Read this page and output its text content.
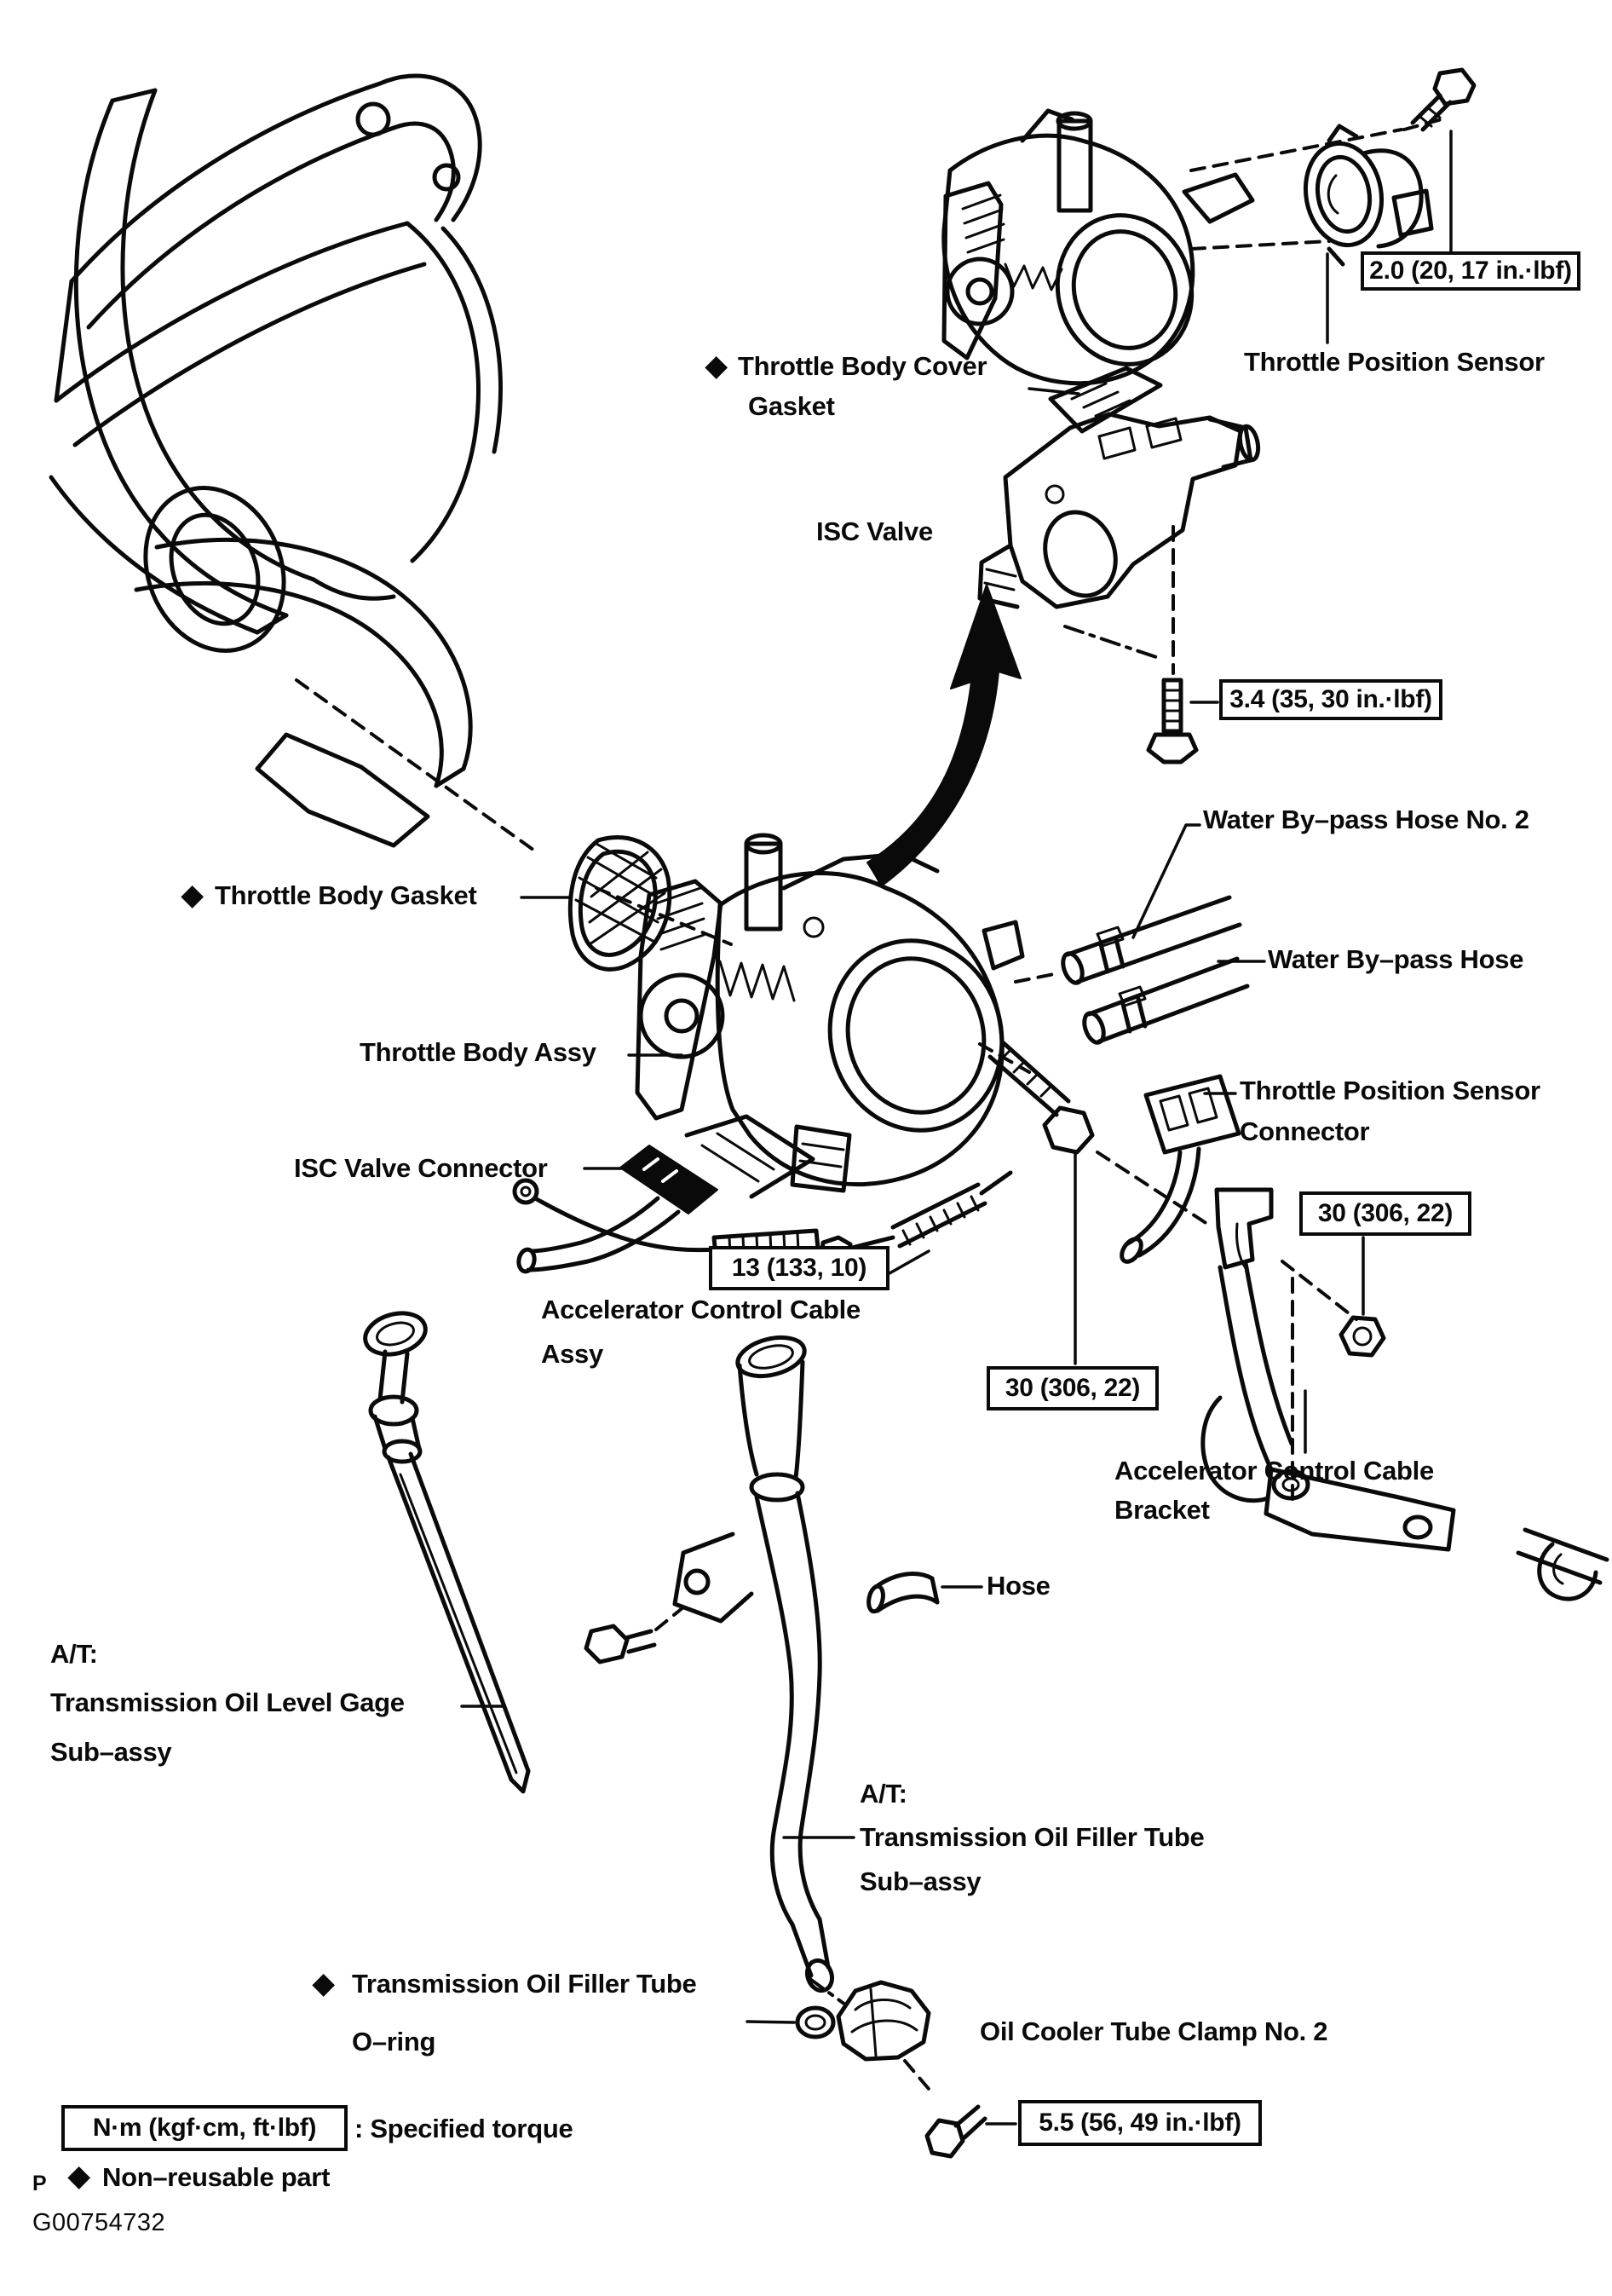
◆ Throttle Body Cover
Gasket
Throttle Position Sensor
ISC Valve
Water By–pass Hose No. 2
Water By–pass Hose
◆ Throttle Body Gasket
Throttle Body Assy
Throttle Position Sensor
Connector
ISC Valve Connector
Accelerator Control Cable
Assy
Accelerator Control Cable
Bracket
Hose
A/T:
Transmission Oil Level Gage
Sub–assy
A/T:
Transmission Oil Filler Tube
Sub–assy
◆ Transmission Oil Filler Tube
O–ring	Oil Cooler Tube Clamp No. 2
2.0 (20, 17 in.·lbf)
3.4 (35, 30 in.·lbf)
13 (133, 10)
30 (306, 22)
30 (306, 22)
5.5 (56, 49 in.·lbf)
N·m (kgf·cm, ft·lbf)	: Specified torque
◆ Non–reusable part
P
G00754732
